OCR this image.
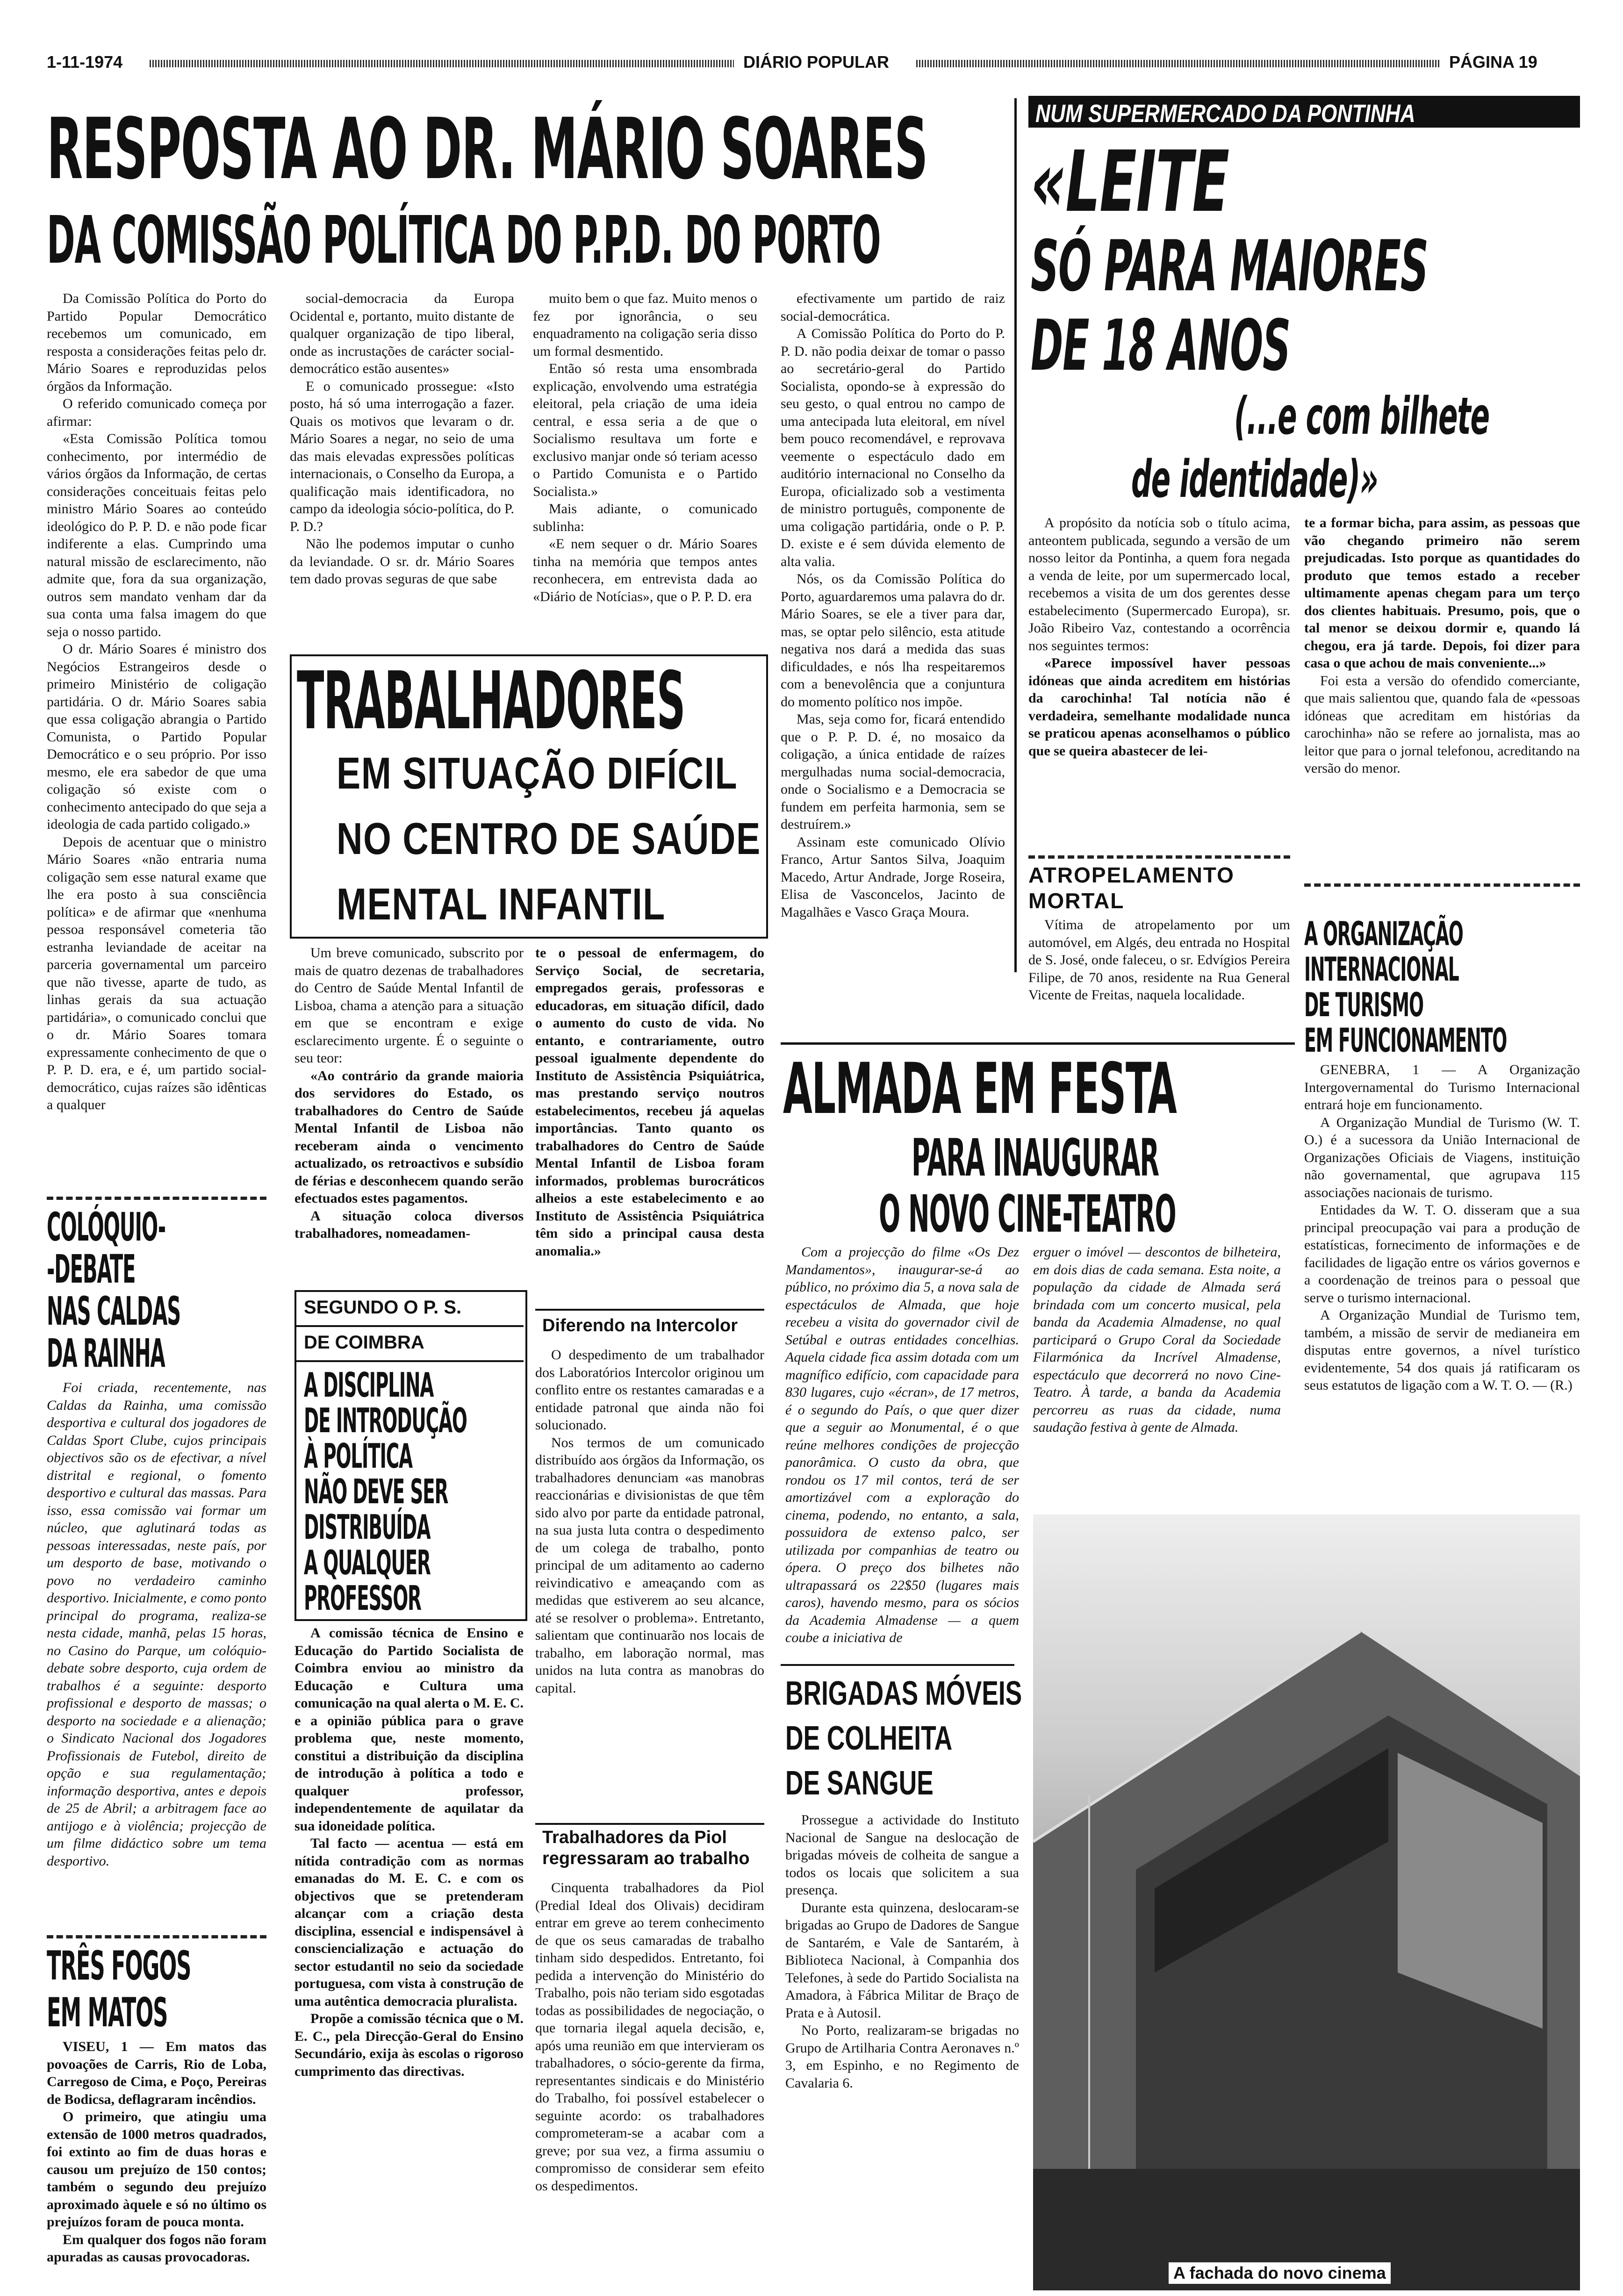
1-11-1974	DIÁRIO POPULAR	PÁGINA 19
RESPOSTA AO DR. MÁRIO SOARES
DA COMISSÃO POLÍTICA DO P.P.D. DO PORTO

Da Comissão Política do Porto do Partido Popular Democrático recebemos um comunicado, em resposta a considerações feitas pelo dr. Mário Soares e reproduzidas pelos órgãos da Informação.

O referido comunicado começa por afirmar:

«Esta Comissão Política tomou conhecimento, por intermédio de vários órgãos da Informação, de certas considerações conceituais feitas pelo ministro Mário Soares ao conteúdo ideológico do P. P. D. e não pode ficar indiferente a elas. Cumprindo uma natural missão de esclarecimento, não admite que, fora da sua organização, outros sem mandato venham dar da sua conta uma falsa imagem do que seja o nosso partido.

O dr. Mário Soares é ministro dos Negócios Estrangeiros desde o primeiro Ministério de coligação partidária. O dr. Mário Soares sabia que essa coligação abrangia o Partido Comunista, o Partido Popular Democrático e o seu próprio. Por isso mesmo, ele era sabedor de que uma coligação só existe com o conhecimento antecipado do que seja a ideologia de cada partido coligado.»

Depois de acentuar que o ministro Mário Soares «não entraria numa coligação sem esse natural exame que lhe era posto à sua consciência política» e de afirmar que «nenhuma pessoa responsável cometeria tão estranha leviandade de aceitar na parceria governamental um parceiro que não tivesse, aparte de tudo, as linhas gerais da sua actuação partidária», o comunicado conclui que o dr. Mário Soares tomara expressamente conhecimento de que o P. P. D. era, e é, um partido social-democrático, cujas raízes são idênticas a qualquer

social-democracia da Europa Ocidental e, portanto, muito distante de qualquer organização de tipo liberal, onde as incrustações de carácter social-democrático estão ausentes»

E o comunicado prossegue: «Isto posto, há só uma interrogação a fazer. Quais os motivos que levaram o dr. Mário Soares a negar, no seio de uma das mais elevadas expressões políticas internacionais, o Conselho da Europa, a qualificação mais identificadora, no campo da ideologia sócio-política, do P. P. D.?

Não lhe podemos imputar o cunho da leviandade. O sr. dr. Mário Soares tem dado provas seguras de que sabe

muito bem o que faz. Muito menos o fez por ignorância, o seu enquadramento na coligação seria disso um formal desmentido.

Então só resta uma ensombrada explicação, envolvendo uma estratégia eleitoral, pela criação de uma ideia central, e essa seria a de que o Socialismo resultava um forte e exclusivo manjar onde só teriam acesso o Partido Comunista e o Partido Socialista.»

Mais adiante, o comunicado sublinha:

«E nem sequer o dr. Mário Soares tinha na memória que tempos antes reconhecera, em entrevista dada ao «Diário de Notícias», que o P. P. D. era

efectivamente um partido de raiz social-democrática.

A Comissão Política do Porto do P. P. D. não podia deixar de tomar o passo ao secretário-geral do Partido Socialista, opondo-se à expressão do seu gesto, o qual entrou no campo de uma antecipada luta eleitoral, em nível bem pouco recomendável, e reprovava veemente o espectáculo dado em auditório internacional no Conselho da Europa, oficializado sob a vestimenta de ministro português, componente de uma coligação partidária, onde o P. P. D. existe e é sem dúvida elemento de alta valia.

Nós, os da Comissão Política do Porto, aguardaremos uma palavra do dr. Mário Soares, se ele a tiver para dar, mas, se optar pelo silêncio, esta atitude negativa nos dará a medida das suas dificuldades, e nós lha respeitaremos com a benevolência que a conjuntura do momento político nos impõe.

Mas, seja como for, ficará entendido que o P. P. D. é, no mosaico da coligação, a única entidade de raízes mergulhadas numa social-democracia, onde o Socialismo e a Democracia se fundem em perfeita harmonia, sem se destruírem.»

Assinam este comunicado Olívio Franco, Artur Santos Silva, Joaquim Macedo, Artur Andrade, Jorge Roseira, Elisa de Vasconcelos, Jacinto de Magalhães e Vasco Graça Moura.

NUM SUPERMERCADO DA PONTINHA
«LEITE
SÓ PARA MAIORES
DE 18 ANOS
(...e com bilhete
de identidade)»

A propósito da notícia sob o título acima, anteontem publicada, segundo a versão de um nosso leitor da Pontinha, a quem fora negada a venda de leite, por um supermercado local, recebemos a visita de um dos gerentes desse estabelecimento (Supermercado Europa), sr. João Ribeiro Vaz, contestando a ocorrência nos seguintes termos:

«Parece impossível haver pessoas idóneas que ainda acreditem em histórias da carochinha! Tal notícia não é verdadeira, semelhante modalidade nunca se praticou apenas aconselhamos o público que se queira abastecer de lei-

te a formar bicha, para assim, as pessoas que vão chegando primeiro não serem prejudicadas. Isto porque as quantidades do produto que temos estado a receber ultimamente apenas chegam para um terço dos clientes habituais. Presumo, pois, que o tal menor se deixou dormir e, quando lá chegou, era já tarde. Depois, foi dizer para casa o que achou de mais conveniente...»

Foi esta a versão do ofendido comerciante, que mais salientou que, quando fala de «pessoas idóneas que acreditam em histórias da carochinha» não se refere ao jornalista, mas ao leitor que para o jornal telefonou, acreditando na versão do menor.

ATROPELAMENTO
MORTAL

Vítima de atropelamento por um automóvel, em Algés, deu entrada no Hospital de S. José, onde faleceu, o sr. Edvígios Pereira Filipe, de 70 anos, residente na Rua General Vicente de Freitas, naquela localidade.

A ORGANIZAÇÃO
INTERNACIONAL
DE TURISMO
EM FUNCIONAMENTO

GENEBRA, 1 — A Organização Intergovernamental do Turismo Internacional entrará hoje em funcionamento.

A Organização Mundial de Turismo (W. T. O.) é a sucessora da União Internacional de Organizações Oficiais de Viagens, instituição não governamental, que agrupava 115 associações nacionais de turismo.

Entidades da W. T. O. disseram que a sua principal preocupação vai para a produção de estatísticas, fornecimento de informações e de facilidades de ligação entre os vários governos e a coordenação de treinos para o pessoal que serve o turismo internacional.

A Organização Mundial de Turismo tem, também, a missão de servir de medianeira em disputas entre governos, a nível turístico evidentemente, 54 dos quais já ratificaram os seus estatutos de ligação com a W. T. O. — (R.)

TRABALHADORES
EM SITUAÇÃO DIFÍCIL
NO CENTRO DE SAÚDE
MENTAL INFANTIL

Um breve comunicado, subscrito por mais de quatro dezenas de trabalhadores do Centro de Saúde Mental Infantil de Lisboa, chama a atenção para a situação em que se encontram e exige esclarecimento urgente. É o seguinte o seu teor:

«Ao contrário da grande maioria dos servidores do Estado, os trabalhadores do Centro de Saúde Mental Infantil de Lisboa não receberam ainda o vencimento actualizado, os retroactivos e subsídio de férias e desconhecem quando serão efectuados estes pagamentos.

A situação coloca diversos trabalhadores, nomeadamen-

te o pessoal de enfermagem, do Serviço Social, de secretaria, empregados gerais, professoras e educadoras, em situação difícil, dado o aumento do custo de vida. No entanto, e contrariamente, outro pessoal igualmente dependente do Instituto de Assistência Psiquiátrica, mas prestando serviço noutros estabelecimentos, recebeu já aquelas importâncias. Tanto quanto os trabalhadores do Centro de Saúde Mental Infantil de Lisboa foram informados, problemas burocráticos alheios a este estabelecimento e ao Instituto de Assistência Psiquiátrica têm sido a principal causa desta anomalia.»

Diferendo na Intercolor

O despedimento de um trabalhador dos Laboratórios Intercolor originou um conflito entre os restantes camaradas e a entidade patronal que ainda não foi solucionado.

Nos termos de um comunicado distribuído aos órgãos da Informação, os trabalhadores denunciam «as manobras reaccionárias e divisionistas de que têm sido alvo por parte da entidade patronal, na sua justa luta contra o despedimento de um colega de trabalho, ponto principal de um aditamento ao caderno reivindicativo e ameaçando com as medidas que estiverem ao seu alcance, até se resolver o problema». Entretanto, salientam que continuarão nos locais de trabalho, em laboração normal, mas unidos na luta contra as manobras do capital.

Trabalhadores da Piol
regressaram ao trabalho

Cinquenta trabalhadores da Piol (Predial Ideal dos Olivais) decidiram entrar em greve ao terem conhecimento de que os seus camaradas de trabalho tinham sido despedidos. Entretanto, foi pedida a intervenção do Ministério do Trabalho, pois não teriam sido esgotadas todas as possibilidades de negociação, o que tornaria ilegal aquela decisão, e, após uma reunião em que intervieram os trabalhadores, o sócio-gerente da firma, representantes sindicais e do Ministério do Trabalho, foi possível estabelecer o seguinte acordo: os trabalhadores comprometeram-se a acabar com a greve; por sua vez, a firma assumiu o compromisso de considerar sem efeito os despedimentos.

COLÓQUIO-
-DEBATE
NAS CALDAS
DA RAINHA

Foi criada, recentemente, nas Caldas da Rainha, uma comissão desportiva e cultural dos jogadores de Caldas Sport Clube, cujos principais objectivos são os de efectivar, a nível distrital e regional, o fomento desportivo e cultural das massas. Para isso, essa comissão vai formar um núcleo, que aglutinará todas as pessoas interessadas, neste país, por um desporto de base, motivando o povo no verdadeiro caminho desportivo. Inicialmente, e como ponto principal do programa, realiza-se nesta cidade, manhã, pelas 15 horas, no Casino do Parque, um colóquio-debate sobre desporto, cuja ordem de trabalhos é a seguinte: desporto profissional e desporto de massas; o desporto na sociedade e a alienação; o Sindicato Nacional dos Jogadores Profissionais de Futebol, direito de opção e sua regulamentação; informação desportiva, antes e depois de 25 de Abril; a arbitragem face ao antijogo e à violência; projecção de um filme didáctico sobre um tema desportivo.

TRÊS FOGOS
EM MATOS

VISEU, 1 — Em matos das povoações de Carris, Rio de Loba, Carregoso de Cima, e Poço, Pereiras de Bodicsa, deflagraram incêndios.

O primeiro, que atingiu uma extensão de 1000 metros quadrados, foi extinto ao fim de duas horas e causou um prejuízo de 150 contos; também o segundo deu prejuízo aproximado àquele e só no último os prejuízos foram de pouca monta.

Em qualquer dos fogos não foram apuradas as causas provocadoras.

SEGUNDO O P. S.
DE COIMBRA
A DISCIPLINA
DE INTRODUÇÃO
À POLÍTICA
NÃO DEVE SER
DISTRIBUÍDA
A QUALQUER
PROFESSOR

A comissão técnica de Ensino e Educação do Partido Socialista de Coimbra enviou ao ministro da Educação e Cultura uma comunicação na qual alerta o M. E. C. e a opinião pública para o grave problema que, neste momento, constitui a distribuição da disciplina de introdução à política a todo e qualquer professor, independentemente de aquilatar da sua idoneidade política.

Tal facto — acentua — está em nítida contradição com as normas emanadas do M. E. C. e com os objectivos que se pretenderam alcançar com a criação desta disciplina, essencial e indispensável à consciencialização e actuação do sector estudantil no seio da sociedade portuguesa, com vista à construção de uma autêntica democracia pluralista.

Propõe a comissão técnica que o M. E. C., pela Direcção-Geral do Ensino Secundário, exija às escolas o rigoroso cumprimento das directivas.

ALMADA EM FESTA
PARA INAUGURAR
O NOVO CINE-TEATRO

Com a projecção do filme «Os Dez Mandamentos», inaugurar-se-á ao público, no próximo dia 5, a nova sala de espectáculos de Almada, que hoje recebeu a visita do governador civil de Setúbal e outras entidades concelhias. Aquela cidade fica assim dotada com um magnífico edifício, com capacidade para 830 lugares, cujo «écran», de 17 metros, é o segundo do País, o que quer dizer que a seguir ao Monumental, é o que reúne melhores condições de projecção panorâmica. O custo da obra, que rondou os 17 mil contos, terá de ser amortizável com a exploração do cinema, podendo, no entanto, a sala, possuidora de extenso palco, ser utilizada por companhias de teatro ou ópera. O preço dos bilhetes não ultrapassará os 22$50 (lugares mais caros), havendo mesmo, para os sócios da Academia Almadense — a quem coube a iniciativa de

erguer o imóvel — descontos de bilheteira, em dois dias de cada semana. Esta noite, a população da cidade de Almada será brindada com um concerto musical, pela banda da Academia Almadense, no qual participará o Grupo Coral da Sociedade Filarmónica da Incrível Almadense, espectáculo que decorrerá no novo Cine-Teatro. À tarde, a banda da Academia percorreu as ruas da cidade, numa saudação festiva à gente de Almada.

BRIGADAS MÓVEIS
DE COLHEITA
DE SANGUE

Prossegue a actividade do Instituto Nacional de Sangue na deslocação de brigadas móveis de colheita de sangue a todos os locais que solicitem a sua presença.

Durante esta quinzena, deslocaram-se brigadas ao Grupo de Dadores de Sangue de Santarém, e Vale de Santarém, à Biblioteca Nacional, à Companhia dos Telefones, à sede do Partido Socialista na Amadora, à Fábrica Militar de Braço de Prata e à Autosil.

No Porto, realizaram-se brigadas no Grupo de Artilharia Contra Aeronaves n.º 3, em Espinho, e no Regimento de Cavalaria 6.

A fachada do novo cinema
